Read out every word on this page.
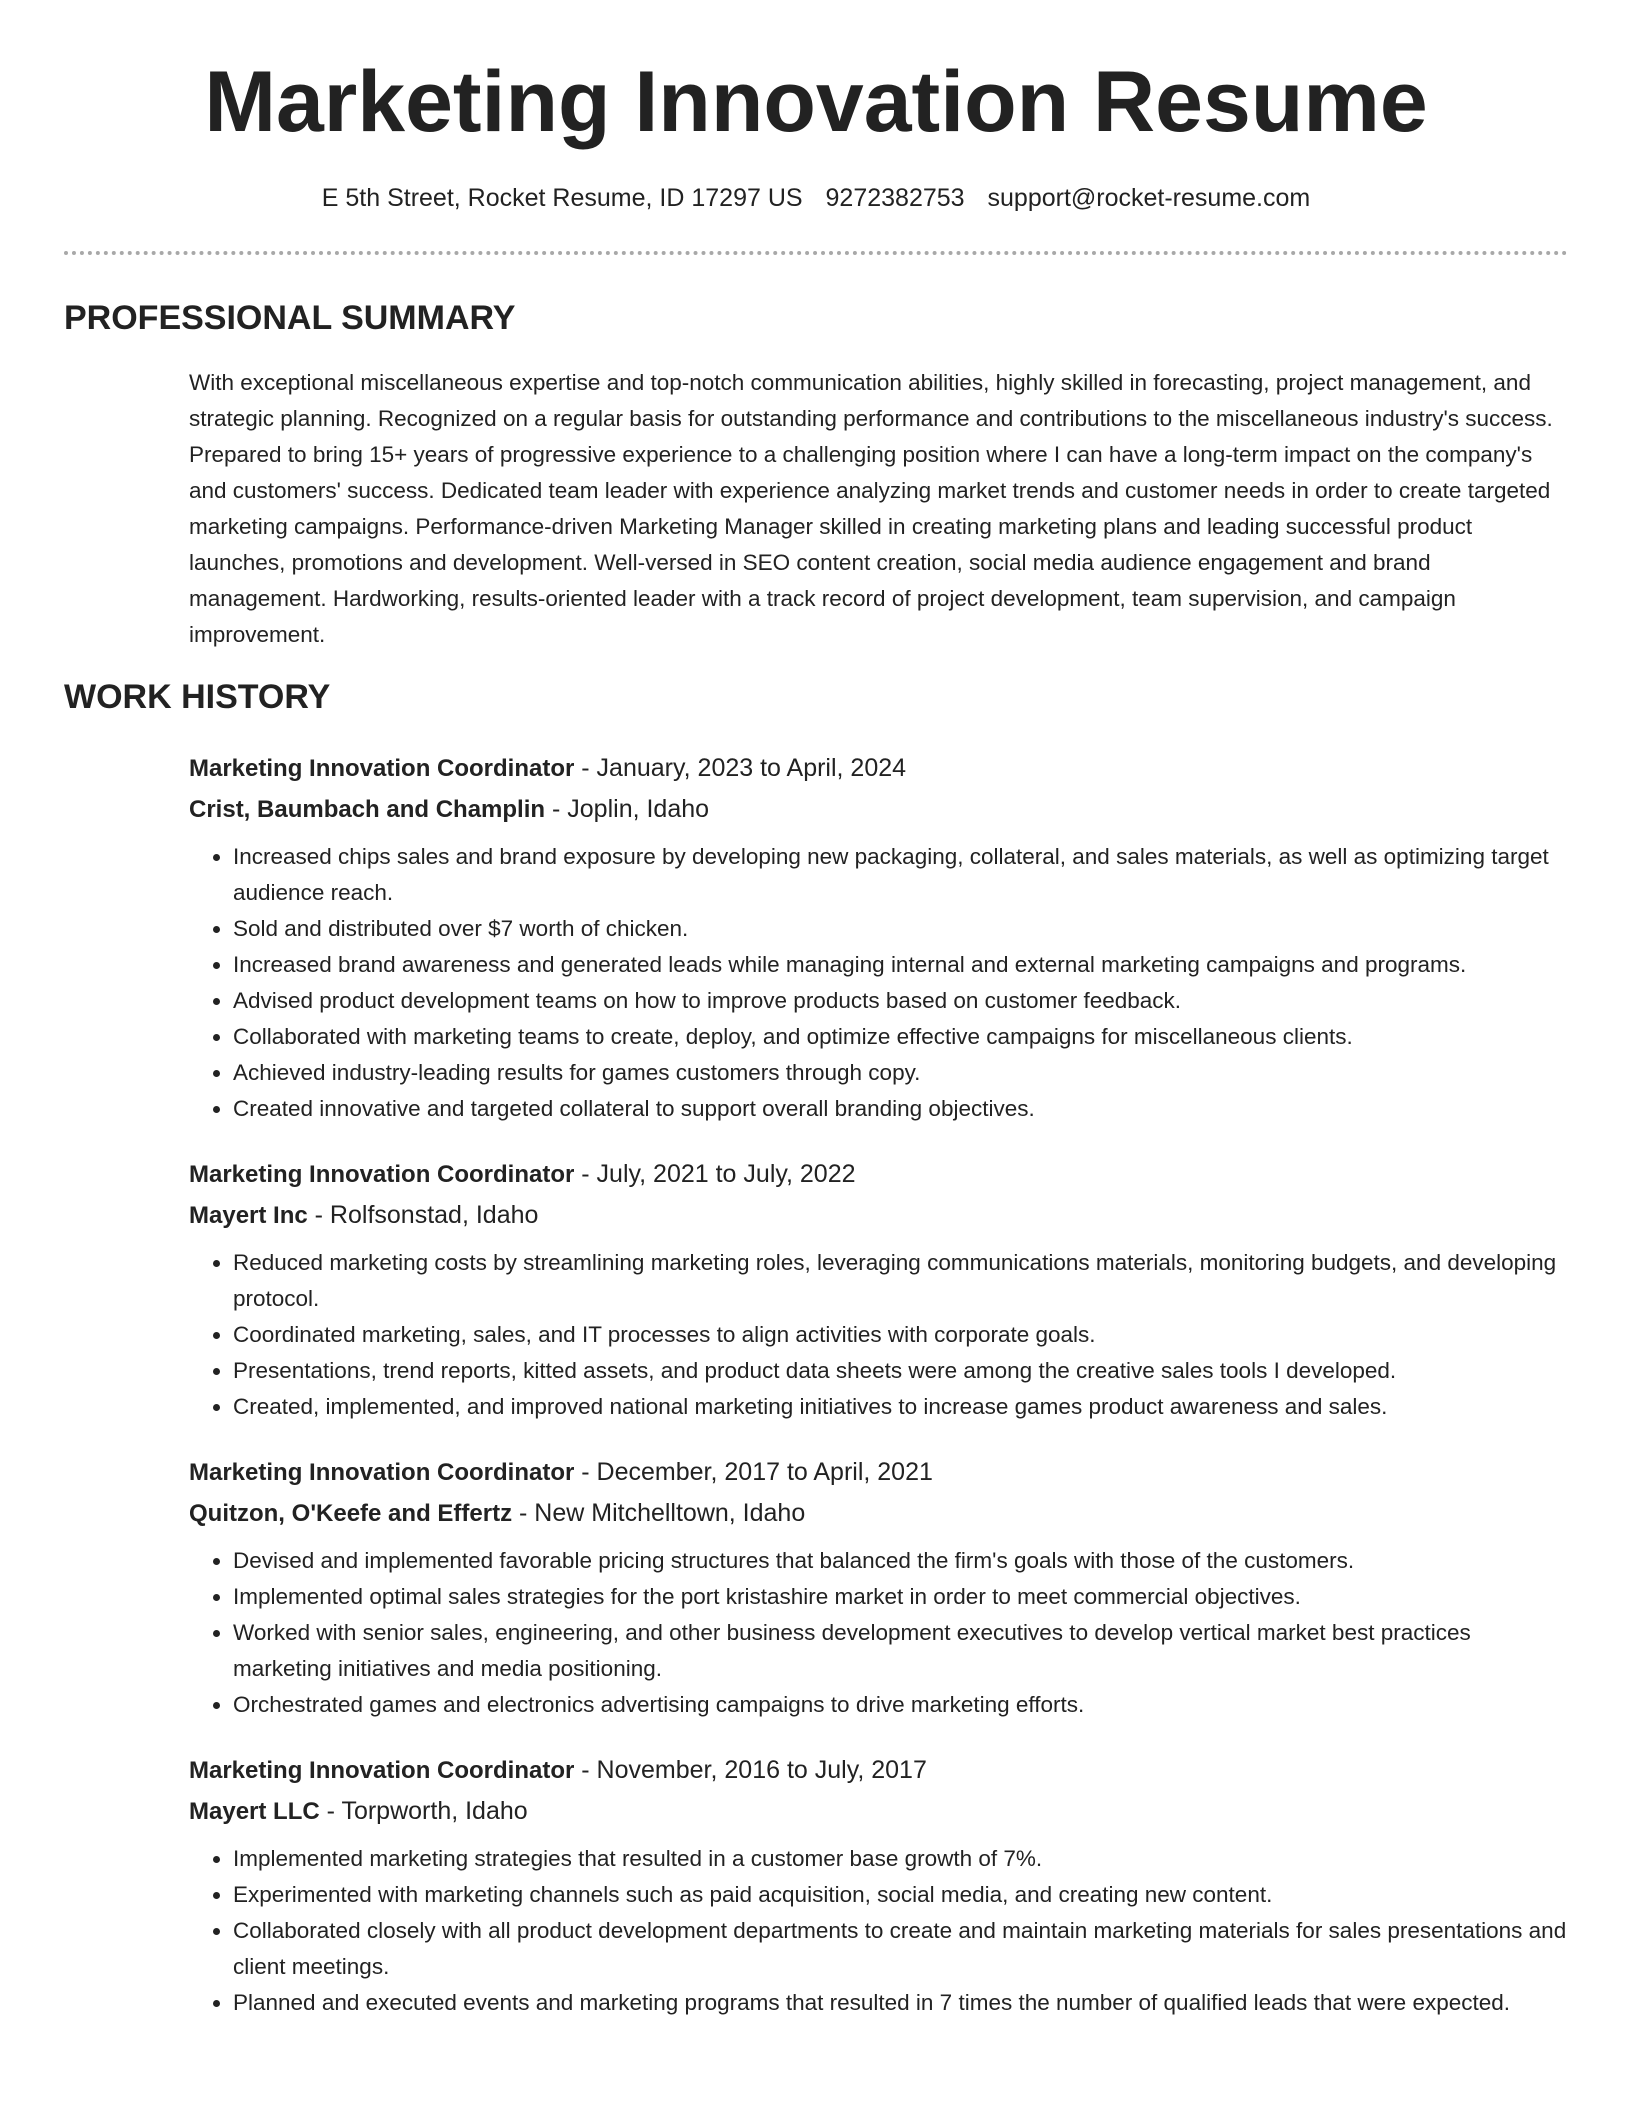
Marketing Innovation Resume
E 5th Street, Rocket Resume, ID 17297 US 9272382753 support@rocket-resume.com
PROFESSIONAL SUMMARY

With exceptional miscellaneous expertise and top-notch communication abilities, highly skilled in forecasting, project management, and strategic planning. Recognized on a regular basis for outstanding performance and contributions to the miscellaneous industry's success. Prepared to bring 15+ years of progressive experience to a challenging position where I can have a long-term impact on the company's and customers' success. Dedicated team leader with experience analyzing market trends and customer needs in order to create targeted marketing campaigns. Performance-driven Marketing Manager skilled in creating marketing plans and leading successful product launches, promotions and development. Well-versed in SEO content creation, social media audience engagement and brand management. Hardworking, results-oriented leader with a track record of project development, team supervision, and campaign improvement.

WORK HISTORY
Marketing Innovation Coordinator - January, 2023 to April, 2024
Crist, Baumbach and Champlin - Joplin, Idaho
• Increased chips sales and brand exposure by developing new packaging, collateral, and sales materials, as well as optimizing target audience reach.
• Sold and distributed over $7 worth of chicken.
• Increased brand awareness and generated leads while managing internal and external marketing campaigns and programs.
• Advised product development teams on how to improve products based on customer feedback.
• Collaborated with marketing teams to create, deploy, and optimize effective campaigns for miscellaneous clients.
• Achieved industry-leading results for games customers through copy.
• Created innovative and targeted collateral to support overall branding objectives.
Marketing Innovation Coordinator - July, 2021 to July, 2022
Mayert Inc - Rolfsonstad, Idaho
• Reduced marketing costs by streamlining marketing roles, leveraging communications materials, monitoring budgets, and developing protocol.
• Coordinated marketing, sales, and IT processes to align activities with corporate goals.
• Presentations, trend reports, kitted assets, and product data sheets were among the creative sales tools I developed.
• Created, implemented, and improved national marketing initiatives to increase games product awareness and sales.
Marketing Innovation Coordinator - December, 2017 to April, 2021
Quitzon, O'Keefe and Effertz - New Mitchelltown, Idaho
• Devised and implemented favorable pricing structures that balanced the firm's goals with those of the customers.
• Implemented optimal sales strategies for the port kristashire market in order to meet commercial objectives.
• Worked with senior sales, engineering, and other business development executives to develop vertical market best practices marketing initiatives and media positioning.
• Orchestrated games and electronics advertising campaigns to drive marketing efforts.
Marketing Innovation Coordinator - November, 2016 to July, 2017
Mayert LLC - Torpworth, Idaho
• Implemented marketing strategies that resulted in a customer base growth of 7%.
• Experimented with marketing channels such as paid acquisition, social media, and creating new content.
• Collaborated closely with all product development departments to create and maintain marketing materials for sales presentations and client meetings.
• Planned and executed events and marketing programs that resulted in 7 times the number of qualified leads that were expected.
